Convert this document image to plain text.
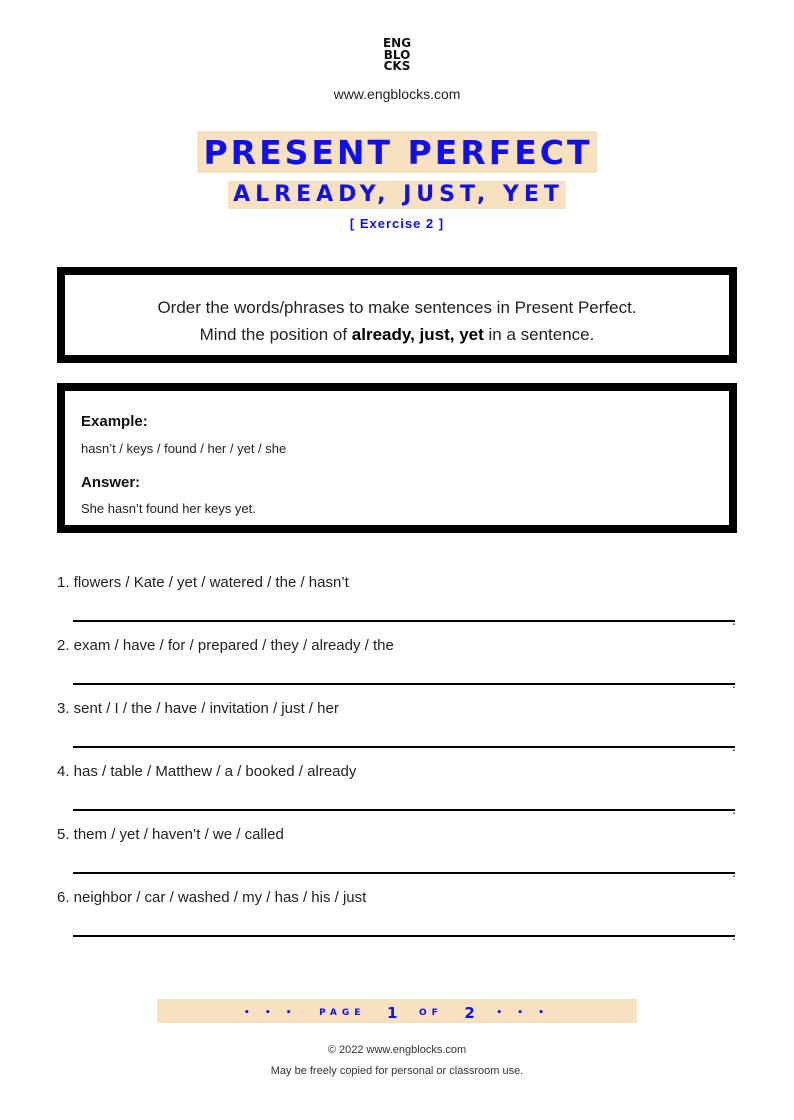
ENG
BLO
CKS
www.engblocks.com
PRESENT PERFECT
ALREADY, JUST, YET
[ Exercise 2 ]
Order the words/phrases to make sentences in Present Perfect.
Mind the position of already, just, yet in a sentence.
Example:
hasn’t / keys / found / her / yet / she
Answer:
She hasn’t found her keys yet.
1. flowers / Kate / yet / watered / the / hasn’t
.
2. exam / have / for / prepared / they / already / the
.
3. sent / I / the / have / invitation / just / her
.
4. has / table / Matthew / a / booked / already
.
5. them / yet / haven’t / we / called
.
6. neighbor / car / washed / my / has / his / just
.
• • • PAGE 1 OF 2 • • •
© 2022 www.engblocks.com
May be freely copied for personal or classroom use.
